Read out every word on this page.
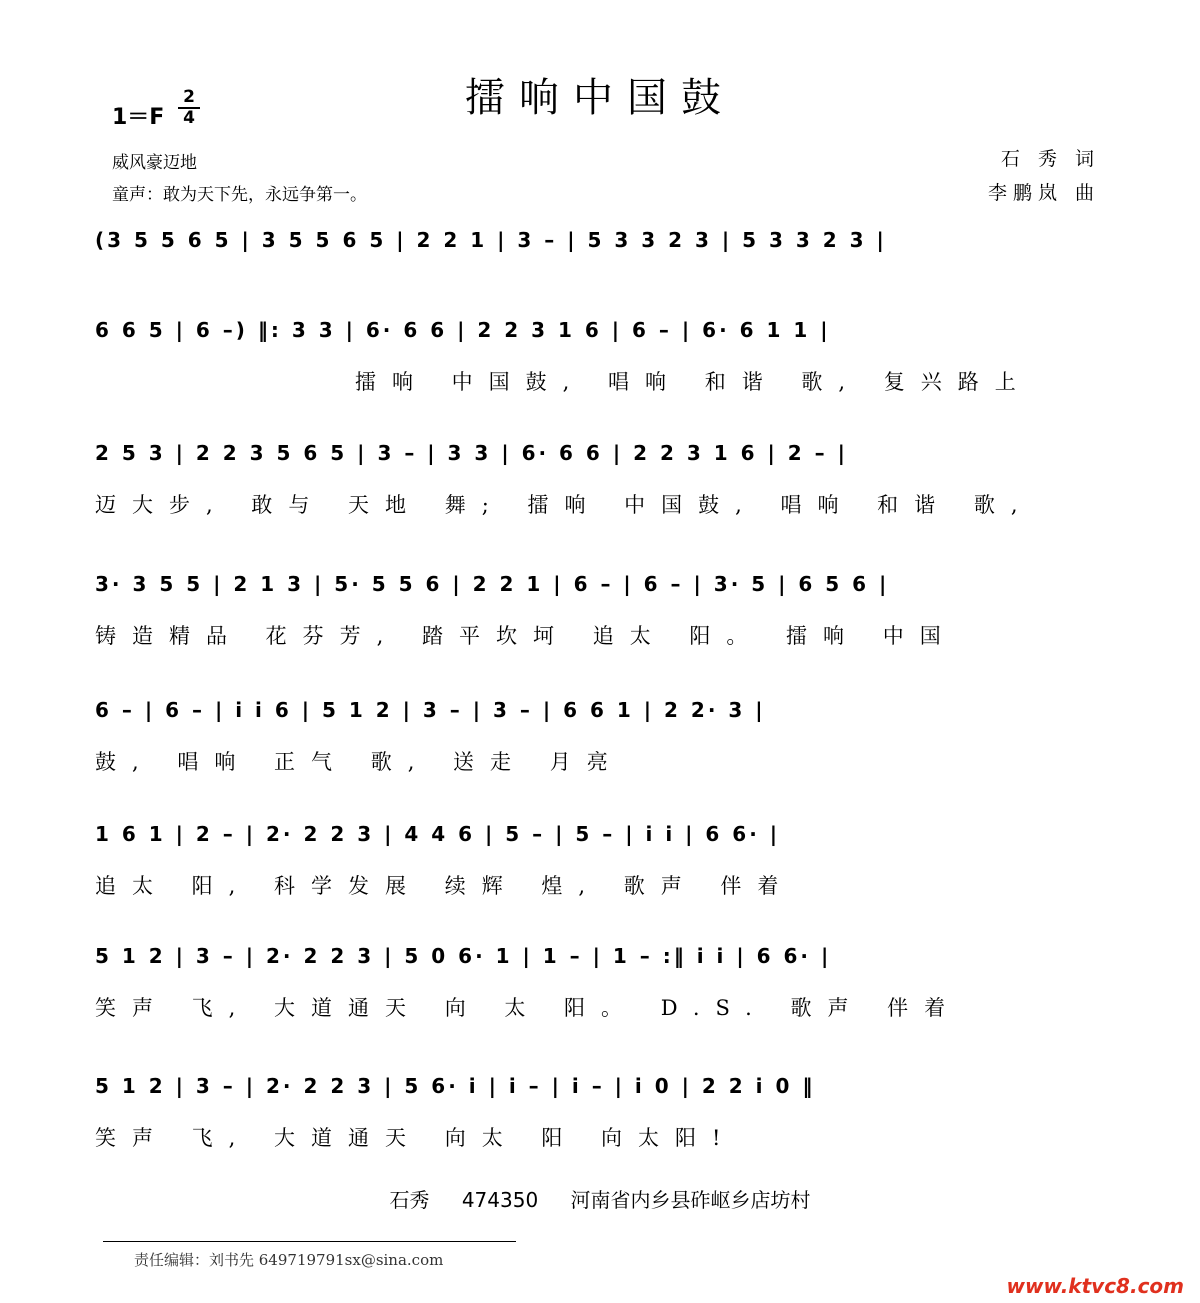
擂响中国鼓
$1=F \frac{2}{4}$
威风豪迈地
童声：敢为天下先，永远争第一。
石 秀 词
李鹏岚 曲
(3 5 5 6 5 | 3 5 5 6 5 | 2 2 1 | 3 – | 5 3 3 2 3 | 5 3 3 2 3 |
6 6 5 | 6 –) ‖: 3 3 | 6· 6 6 | 2 2 3 1 6 | 6 – | 6· 6 1 1 |
擂响 中国鼓, 唱响 和谐 歌, 复兴路上
2 5 3 | 2 2 3 5 6 5 | 3 – | 3 3 | 6· 6 6 | 2 2 3 1 6 | 2 – |
迈大步, 敢与 天地 舞; 擂响 中国鼓, 唱响 和谐 歌,
3· 3 5 5 | 2 1 3 | 5· 5 5 6 | 2 2 1 | 6 – | 6 – | 3· 5 | 6 5 6 |
铸造精品 花芬芳, 踏平坎坷 追太 阳。 擂响 中国
6 – | 6 – | i i 6 | 5 1 2 | 3 – | 3 – | 6 6 1 | 2 2· 3 |
鼓, 唱响 正气 歌, 送走 月亮
1 6 1 | 2 – | 2· 2 2 3 | 4 4 6 | 5 – | 5 – | i i | 6 6· |
追太 阳, 科学发展 续辉 煌, 歌声 伴着
5 1 2 | 3 – | 2· 2 2 3 | 5 0 6· 1 | 1 – | 1 – :‖ i i | 6 6· |
笑声 飞, 大道通天 向 太 阳。 D.S. 歌声 伴着
5 1 2 | 3 – | 2· 2 2 3 | 5 6· i | i – | i – | i 0 | 2 2 i 0 ‖
笑声 飞, 大道通天 向太 阳 向太阳!
石秀 474350 河南省内乡县砟岖乡店坊村
责任编辑：刘书先 649719791sx@sina.com
www.ktvc8.com
